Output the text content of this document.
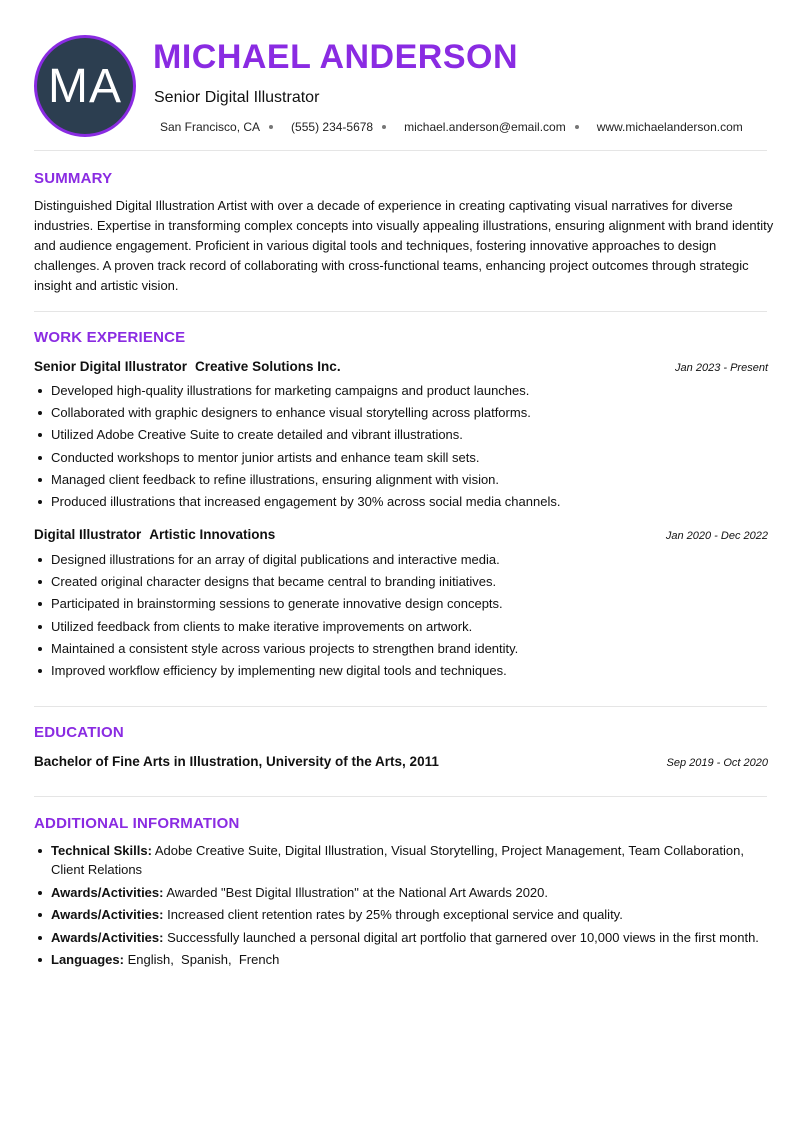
MA
MICHAEL ANDERSON
Senior Digital Illustrator
San Francisco, CA	(555) 234-5678	michael.anderson@email.com	www.michaelanderson.com
SUMMARY
Distinguished Digital Illustration Artist with over a decade of experience in creating captivating visual narratives for diverse industries. Expertise in transforming complex concepts into visually appealing illustrations, ensuring alignment with brand identity and audience engagement. Proficient in various digital tools and techniques, fostering innovative approaches to design challenges. A proven track record of collaborating with cross-functional teams, enhancing project outcomes through strategic insight and artistic vision.
WORK EXPERIENCE
Senior Digital Illustrator Creative Solutions Inc.	Jan 2023 - Present
Developed high-quality illustrations for marketing campaigns and product launches.
Collaborated with graphic designers to enhance visual storytelling across platforms.
Utilized Adobe Creative Suite to create detailed and vibrant illustrations.
Conducted workshops to mentor junior artists and enhance team skill sets.
Managed client feedback to refine illustrations, ensuring alignment with vision.
Produced illustrations that increased engagement by 30% across social media channels.
Digital Illustrator Artistic Innovations	Jan 2020 - Dec 2022
Designed illustrations for an array of digital publications and interactive media.
Created original character designs that became central to branding initiatives.
Participated in brainstorming sessions to generate innovative design concepts.
Utilized feedback from clients to make iterative improvements on artwork.
Maintained a consistent style across various projects to strengthen brand identity.
Improved workflow efficiency by implementing new digital tools and techniques.
EDUCATION
Bachelor of Fine Arts in Illustration, University of the Arts, 2011	Sep 2019 - Oct 2020
ADDITIONAL INFORMATION
Technical Skills: Adobe Creative Suite, Digital Illustration, Visual Storytelling, Project Management, Team Collaboration, Client Relations
Awards/Activities: Awarded "Best Digital Illustration" at the National Art Awards 2020.
Awards/Activities: Increased client retention rates by 25% through exceptional service and quality.
Awards/Activities: Successfully launched a personal digital art portfolio that garnered over 10,000 views in the first month.
Languages: English,  Spanish,  French
